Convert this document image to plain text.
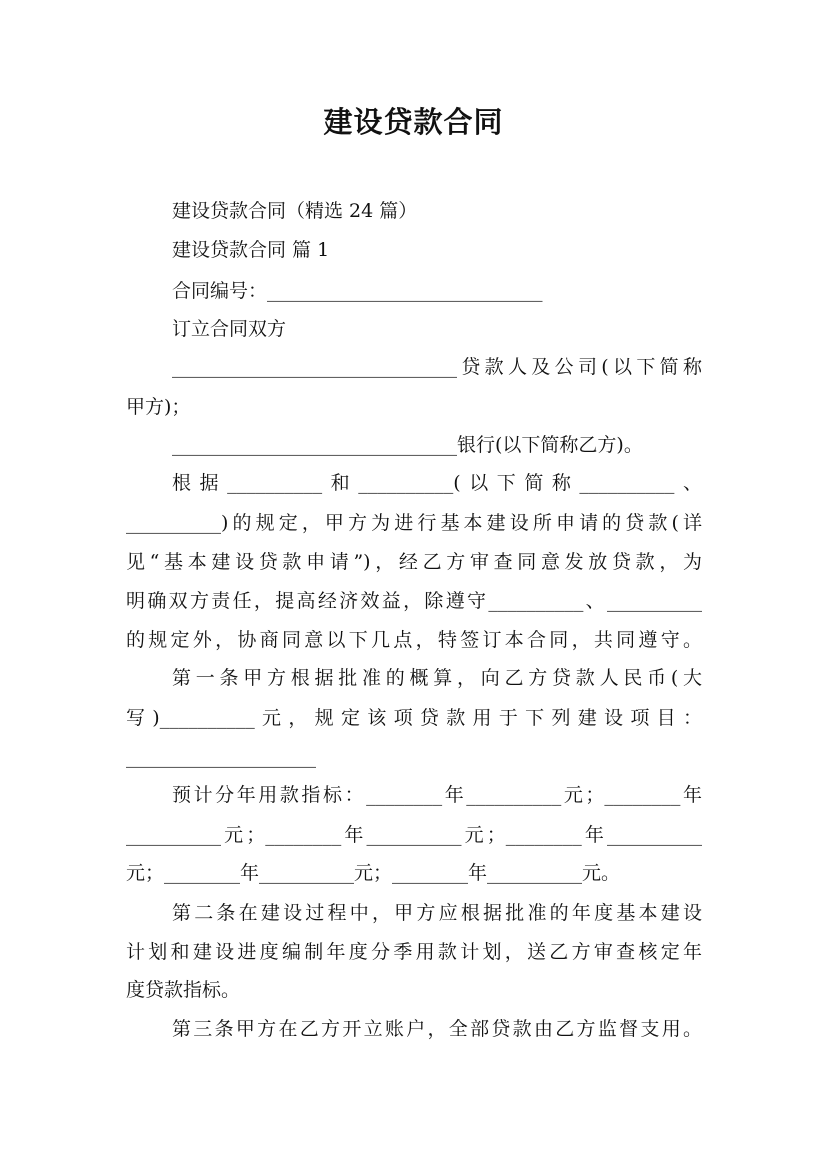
建设贷款合同
建设贷款合同（精选 24 篇）
建设贷款合同 篇 1
合同编号：_____________________________
订立合同双方
______________________________贷款人及公司(以下简称
甲方)；
______________________________银行(以下简称乙方)。
根据__________和__________(以下简称__________、
__________)的规定，甲方为进行基本建设所申请的贷款(详
见“基本建设贷款申请”)，经乙方审查同意发放贷款，为
明确双方责任，提高经济效益，除遵守__________、__________
的规定外，协商同意以下几点，特签订本合同，共同遵守。
第一条甲方根据批准的概算，向乙方贷款人民币(大
写)__________元，规定该项贷款用于下列建设项目：
____________________
预计分年用款指标：________年__________元；________年
__________元；________年__________元；________年__________
元；________年__________元；________年__________元。
第二条在建设过程中，甲方应根据批准的年度基本建设
计划和建设进度编制年度分季用款计划，送乙方审查核定年
度贷款指标。
第三条甲方在乙方开立账户，全部贷款由乙方监督支用。
